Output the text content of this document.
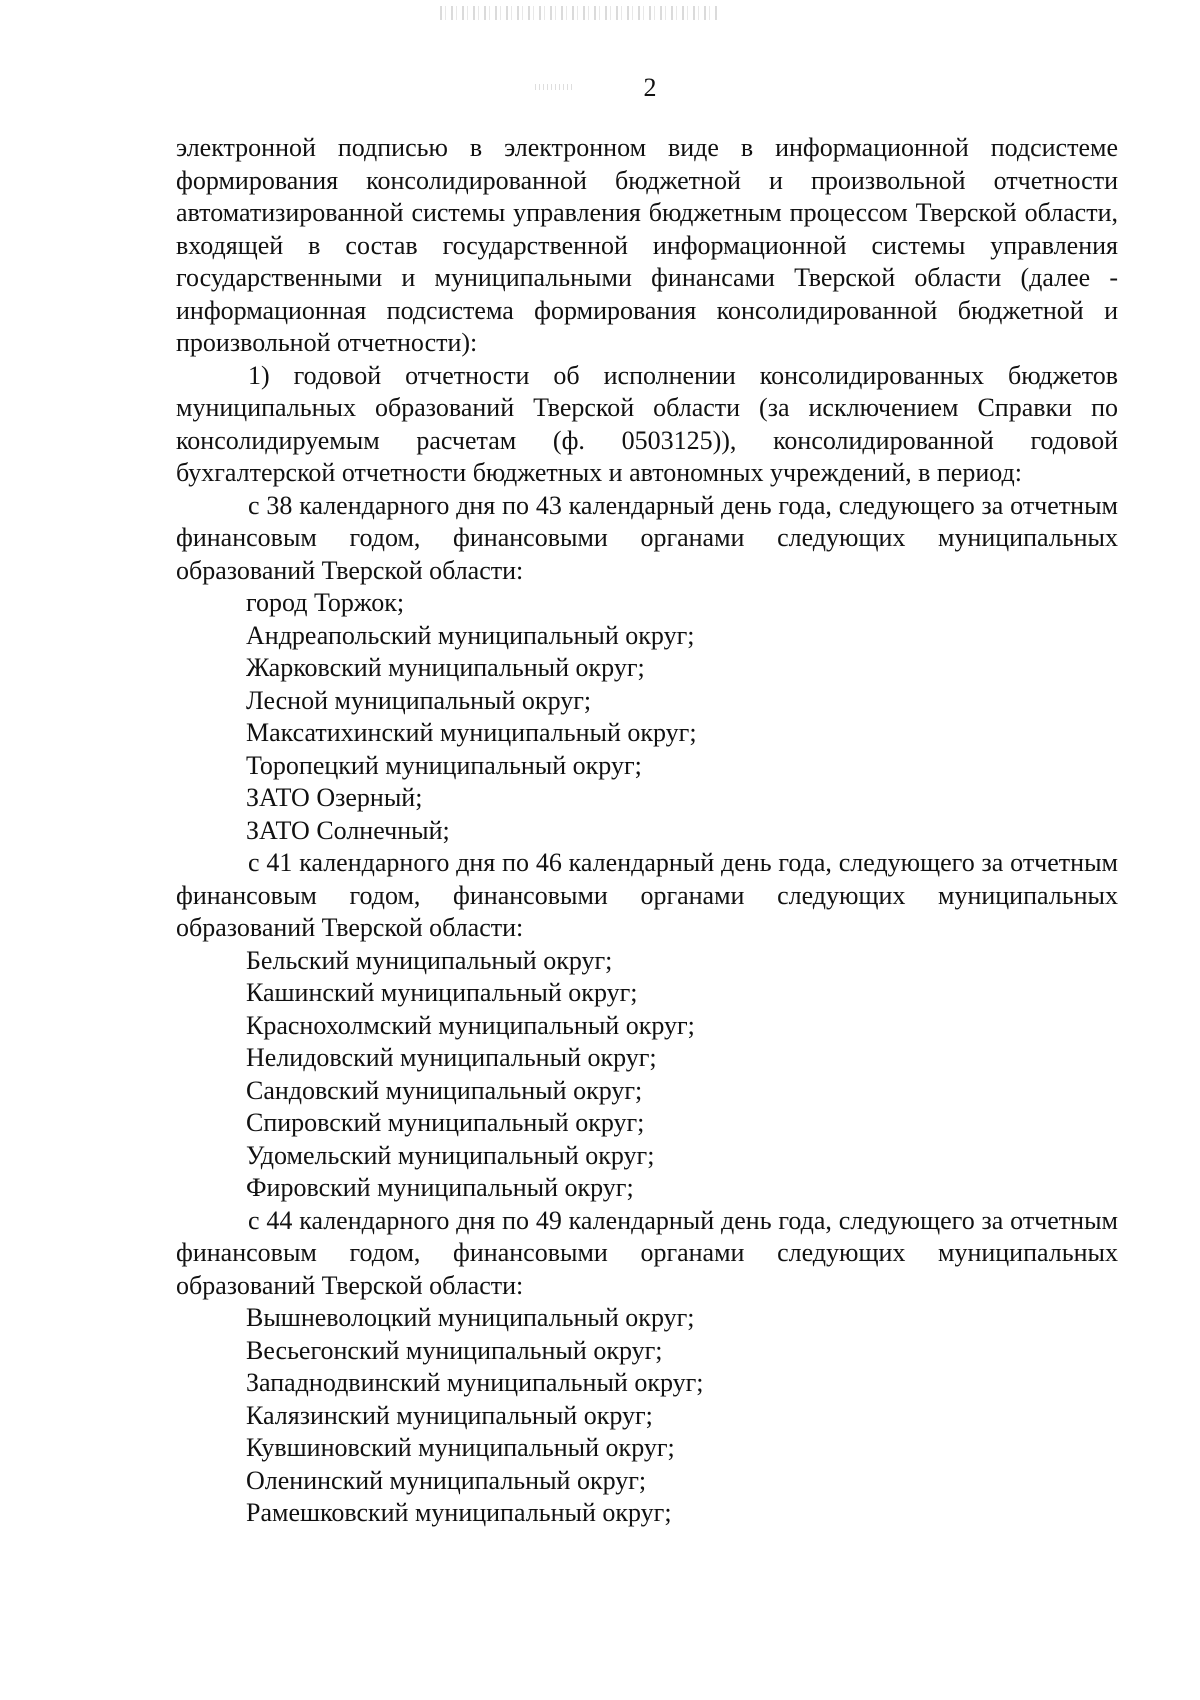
2

электронной подписью в электронном виде в информационной подсистеме формирования консолидированной бюджетной и произвольной отчетности автоматизированной системы управления бюджетным процессом Тверской области, входящей в состав государственной информационной системы управления государственными и муниципальными финансами Тверской области (далее - информационная подсистема формирования консолидированной бюджетной и произвольной отчетности):

1) годовой отчетности об исполнении консолидированных бюджетов муниципальных образований Тверской области (за исключением Справки по консолидируемым расчетам (ф. 0503125)), консолидированной годовой бухгалтерской отчетности бюджетных и автономных учреждений, в период:

с 38 календарного дня по 43 календарный день года, следующего за отчетным финансовым годом, финансовыми органами следующих муниципальных образований Тверской области:

город Торжок;
Андреапольский муниципальный округ;
Жарковский муниципальный округ;
Лесной муниципальный округ;
Максатихинский муниципальный округ;
Торопецкий муниципальный округ;
ЗАТО Озерный;
ЗАТО Солнечный;

с 41 календарного дня по 46 календарный день года, следующего за отчетным финансовым годом, финансовыми органами следующих муниципальных образований Тверской области:

Бельский муниципальный округ;
Кашинский муниципальный округ;
Краснохолмский муниципальный округ;
Нелидовский муниципальный округ;
Сандовский муниципальный округ;
Спировский муниципальный округ;
Удомельский муниципальный округ;
Фировский муниципальный округ;

с 44 календарного дня по 49 календарный день года, следующего за отчетным финансовым годом, финансовыми органами следующих муниципальных образований Тверской области:

Вышневолоцкий муниципальный округ;
Весьегонский муниципальный округ;
Западнодвинский муниципальный округ;
Калязинский муниципальный округ;
Кувшиновский муниципальный округ;
Оленинский муниципальный округ;
Рамешковский муниципальный округ;
